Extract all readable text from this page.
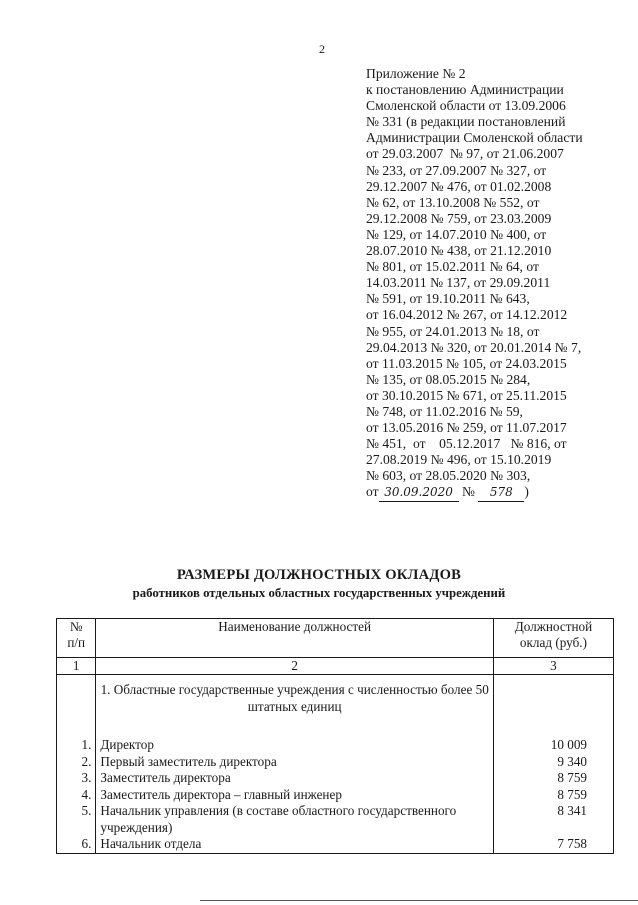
2
Приложение № 2
к постановлению Администрации
Смоленской области от 13.09.2006
№ 331 (в редакции постановлений
Администрации Смоленской области
от 29.03.2007  № 97, от 21.06.2007
№ 233, от 27.09.2007 № 327, от
29.12.2007 № 476, от 01.02.2008
№ 62, от 13.10.2008 № 552, от
29.12.2008 № 759, от 23.03.2009
№ 129, от 14.07.2010 № 400, от
28.07.2010 № 438, от 21.12.2010
№ 801, от 15.02.2011 № 64, от
14.03.2011 № 137, от 29.09.2011
№ 591, от 19.10.2011 № 643,
от 16.04.2012 № 267, от 14.12.2012
№ 955, от 24.01.2013 № 18, от
29.04.2013 № 320, от 20.01.2014 № 7,
от 11.03.2015 № 105, от 24.03.2015
№ 135, от 08.05.2015 № 284,
от 30.10.2015 № 671, от 25.11.2015
№ 748, от 11.02.2016 № 59,
от 13.05.2016 № 259, от 11.07.2017
№ 451,  от    05.12.2017   № 816, от
27.08.2019 № 496, от 15.10.2019
№ 603, от 28.05.2020 № 303,
от 30.09.2020 № 578 )
РАЗМЕРЫ ДОЛЖНОСТНЫХ ОКЛАДОВ
работников отдельных областных государственных учреждений
№
п/п	Наименование должностей	Должностной
оклад (руб.)
1	2	3
	1. Областные государственные учреждения с численностью более 50 штатных единиц	
1.	Директор	10 009
2.	Первый заместитель директора	9 340
3.	Заместитель директора	8 759
4.	Заместитель директора – главный инженер	8 759
5.	Начальник управления (в составе областного государственного учреждения)	8 341
6.	Начальник отдела	7 758
